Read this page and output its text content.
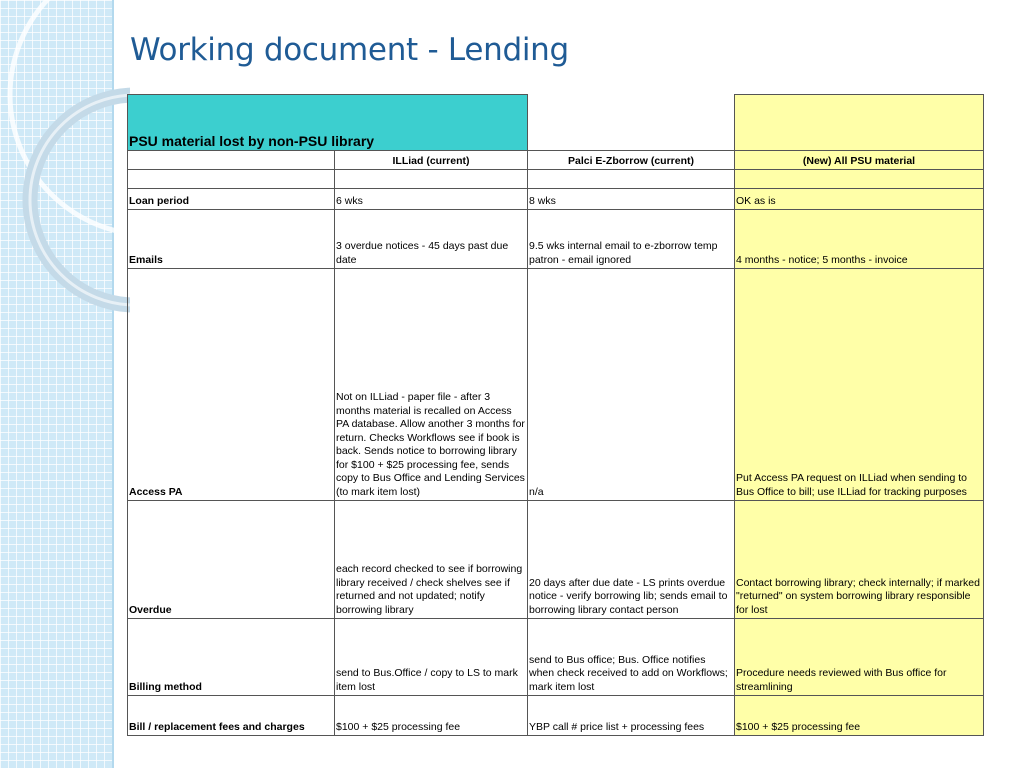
Working document - Lending
PSU material lost by non-PSU library			
	ILLiad (current)	Palci E-Zborrow (current)	(New) All PSU material

Loan period	6 wks	8 wks	OK as is
Emails	3 overdue notices - 45 days past due date	9.5 wks internal email to e-zborrow temp patron - email ignored	4 months - notice; 5 months - invoice
Access PA	Not on ILLiad - paper file - after 3 months material is recalled on Access PA database. Allow another 3 months for return. Checks Workflows see if book is back. Sends notice to borrowing library for $100 + $25 processing fee, sends copy to Bus Office and Lending Services (to mark item lost)	n/a	Put Access PA request on ILLiad when sending to Bus Office to bill; use ILLiad for tracking purposes
Overdue	each record checked to see if borrowing library received / check shelves see if returned and not updated; notify borrowing library	20 days after due date - LS prints overdue notice - verify borrowing lib; sends email to borrowing library contact person	Contact borrowing library; check internally; if marked "returned" on system borrowing library responsible for lost
Billing method	send to Bus.Office / copy to LS to mark item lost	send to Bus office; Bus. Office notifies when check received to add on Workflows; mark item lost	Procedure needs reviewed with Bus office for streamlining
Bill / replacement fees and charges	$100 + $25 processing fee	YBP call # price list + processing fees	$100 + $25 processing fee
